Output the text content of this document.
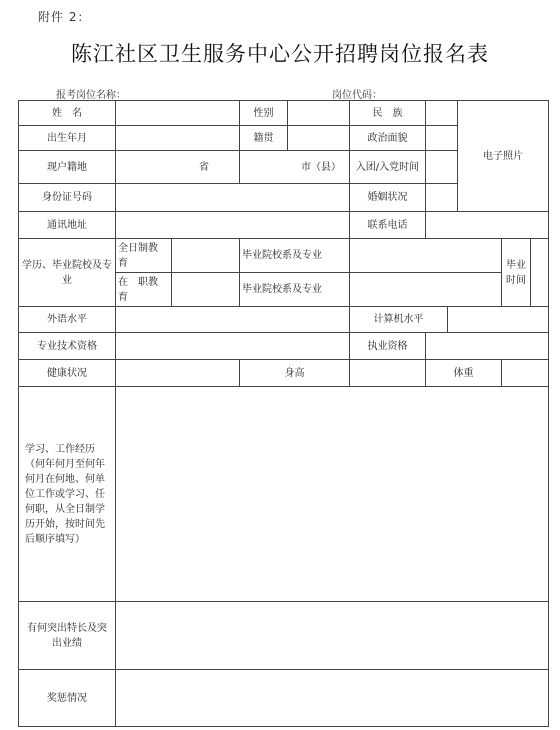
附件 2：
陈江社区卫生服务中心公开招聘岗位报名表
报考岗位名称：	岗位代码：
姓　名			性别		民　族			电子照片		
出生年月			籍贯		政治面貌					
现户籍地	省		市（县）		入团/入党时间					
身份证号码					婚姻状况					
通讯地址					联系电话					
学历、毕业院校及专业	全日制教　育		毕业院校系及专业						毕业时间	
	在　职教　育		毕业院校系及专业							
外语水平					计算机水平					
专业技术资格					执业资格					
健康状况			身高			体重				
学习、工作经历（何年何月至何年何月在何地、何单位工作或学习、任何职，从全日制学历开始，按时间先后顺序填写）										
有何突出特长及突出业绩										
奖惩情况										
